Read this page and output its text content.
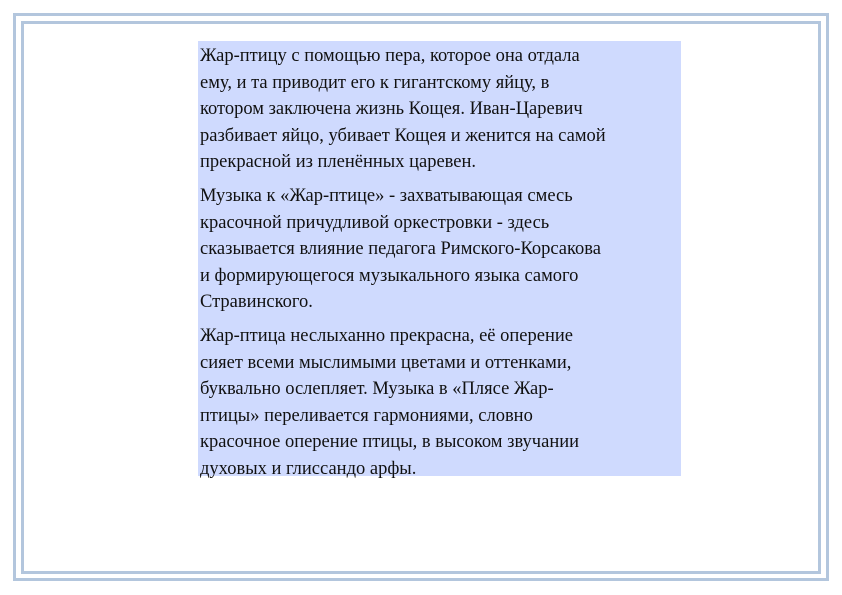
Жар-птицу с помощью пера, которое она отдала
ему, и та приводит его к гигантскому яйцу, в
котором заключена жизнь Кощея. Иван-Царевич
разбивает яйцо, убивает Кощея и женится на самой
прекрасной из пленённых царевен.

Музыка к «Жар-птице» - захватывающая смесь
красочной причудливой оркестровки - здесь
сказывается влияние педагога Римского-Корсакова
и формирующегося музыкального языка самого
Стравинского.

Жар-птица неслыханно прекрасна, её оперение
сияет всеми мыслимыми цветами и оттенками,
буквально ослепляет. Музыка в «Плясе Жар-
птицы» переливается гармониями, словно
красочное оперение птицы, в высоком звучании
духовых и глиссандо арфы.
